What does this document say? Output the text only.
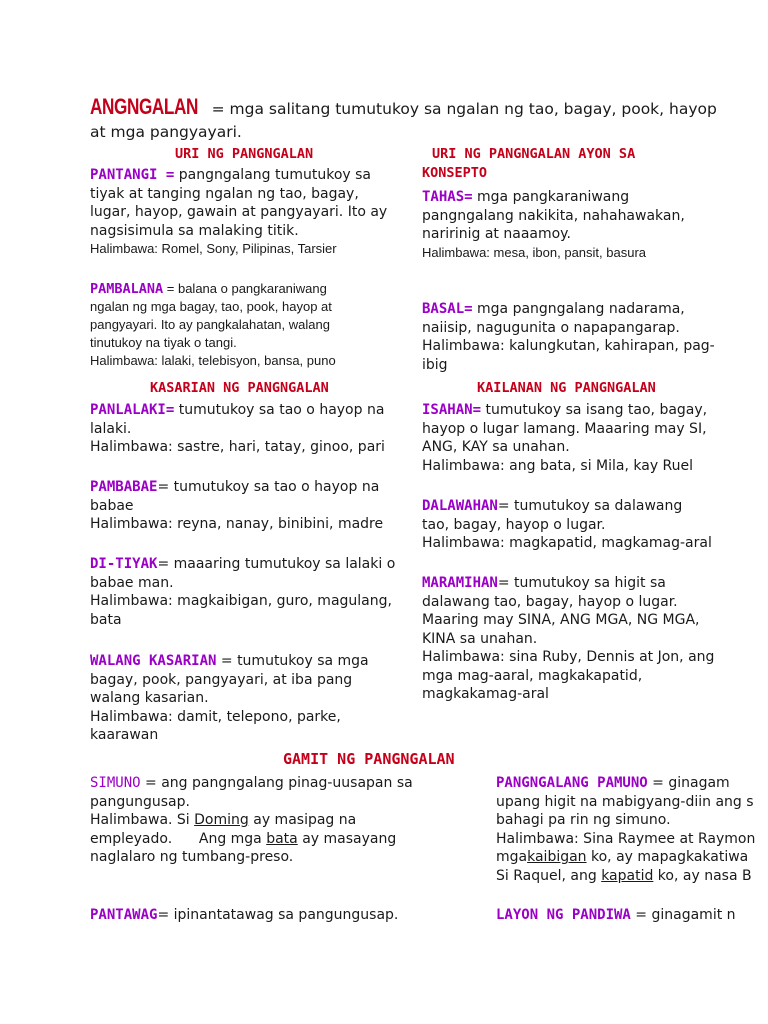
ANGNGALAN = mga salitang tumutukoy sa ngalan ng tao, bagay, pook, hayop
at mga pangyayari.
URI NG PANGNGALAN	URI NG PANGNGALAN AYON SA
KONSEPTO
PANTANGI = pangngalang tumutukoy sa
tiyak at tanging ngalan ng tao, bagay,
lugar, hayop, gawain at pangyayari. Ito ay
nagsisimula sa malaking titik.
Halimbawa: Romel, Sony, Pilipinas, Tarsier
TAHAS= mga pangkaraniwang
pangngalang nakikita, nahahawakan,
naririnig at naaamoy.
Halimbawa: mesa, ibon, pansit, basura
PAMBALANA = balana o pangkaraniwang
ngalan ng mga bagay, tao, pook, hayop at
pangyayari. Ito ay pangkalahatan, walang
tinutukoy na tiyak o tangi.
Halimbawa: lalaki, telebisyon, bansa, puno
BASAL= mga pangngalang nadarama,
naiisip, nagugunita o napapangarap.
Halimbawa: kalungkutan, kahirapan, pag-
ibig
KASARIAN NG PANGNGALAN	KAILANAN NG PANGNGALAN
PANLALAKI= tumutukoy sa tao o hayop na
lalaki.
Halimbawa: sastre, hari, tatay, ginoo, pari
ISAHAN= tumutukoy sa isang tao, bagay,
hayop o lugar lamang. Maaaring may SI,
ANG, KAY sa unahan.
Halimbawa: ang bata, si Mila, kay Ruel
PAMBABAE= tumutukoy sa tao o hayop na
babae
Halimbawa: reyna, nanay, binibini, madre
DALAWAHAN= tumutukoy sa dalawang
tao, bagay, hayop o lugar.
Halimbawa: magkapatid, magkamag-aral
DI-TIYAK= maaaring tumutukoy sa lalaki o
babae man.
Halimbawa: magkaibigan, guro, magulang,
bata
MARAMIHAN= tumutukoy sa higit sa
dalawang tao, bagay, hayop o lugar.
Maaring may SINA, ANG MGA, NG MGA,
KINA sa unahan.
Halimbawa: sina Ruby, Dennis at Jon, ang
mga mag-aaral, magkakapatid,
magkakamag-aral
WALANG KASARIAN = tumutukoy sa mga
bagay, pook, pangyayari, at iba pang
walang kasarian.
Halimbawa: damit, telepono, parke,
kaarawan
GAMIT NG PANGNGALAN
SIMUNO = ang pangngalang pinag-uusapan sa
pangungusap.
Halimbawa. Si Doming ay masipag na
empleyado.      Ang mga bata ay masayang
naglalaro ng tumbang-preso.
PANGNGALANG PAMUNO = ginagam
upang higit na mabigyang-diin ang s
bahagi pa rin ng simuno.
Halimbawa: Sina Raymee at Raymon
mgakaibigan ko, ay mapagkakatiwa
Si Raquel, ang kapatid ko, ay nasa B
PANTAWAG= ipinantatawag sa pangungusap.	LAYON NG PANDIWA = ginagamit n
